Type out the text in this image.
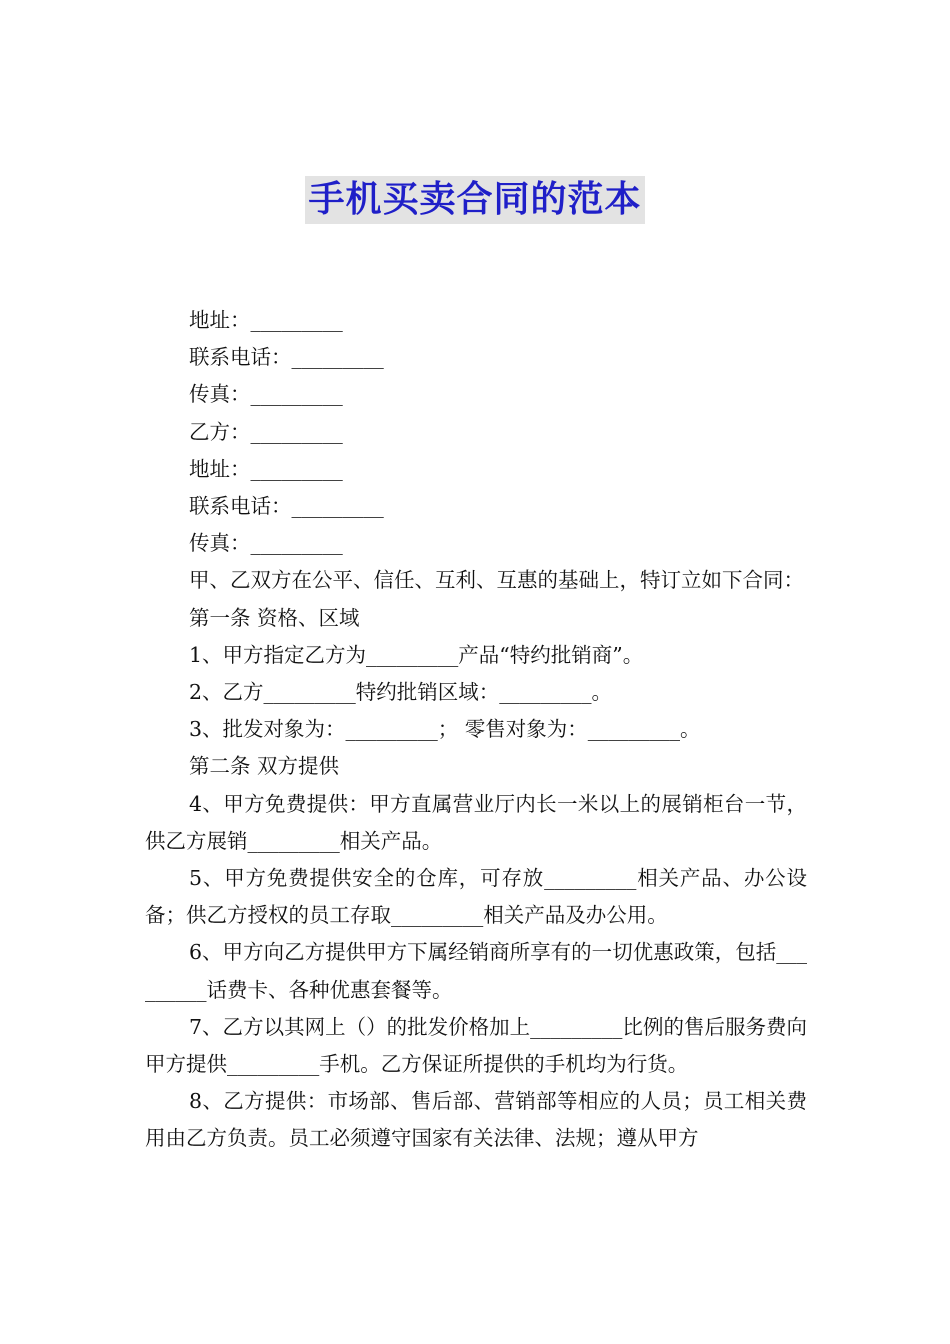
手机买卖合同的范本

地址：_________

联系电话：_________

传真：_________

乙方：_________

地址：_________

联系电话：_________

传真：_________

甲、乙双方在公平、信任、互利、互惠的基础上，特订立如下合同：

第一条 资格、区域

1、甲方指定乙方为_________产品“特约批销商”。

2、乙方_________特约批销区域：_________。

3、批发对象为：_________； 零售对象为：_________。

第二条 双方提供

4、甲方免费提供：甲方直属营业厅内长一米以上的展销柜台一节，供乙方展销_________相关产品。

5、甲方免费提供安全的仓库，可存放_________相关产品、办公设备；供乙方授权的员工存取_________相关产品及办公用。

6、甲方向乙方提供甲方下属经销商所享有的一切优惠政策，包括_________话费卡、各种优惠套餐等。

7、乙方以其网上（）的批发价格加上_________比例的售后服务费向甲方提供_________手机。乙方保证所提供的手机均为行货。

8、乙方提供：市场部、售后部、营销部等相应的人员；员工相关费用由乙方负责。员工必须遵守国家有关法律、法规；遵从甲方
